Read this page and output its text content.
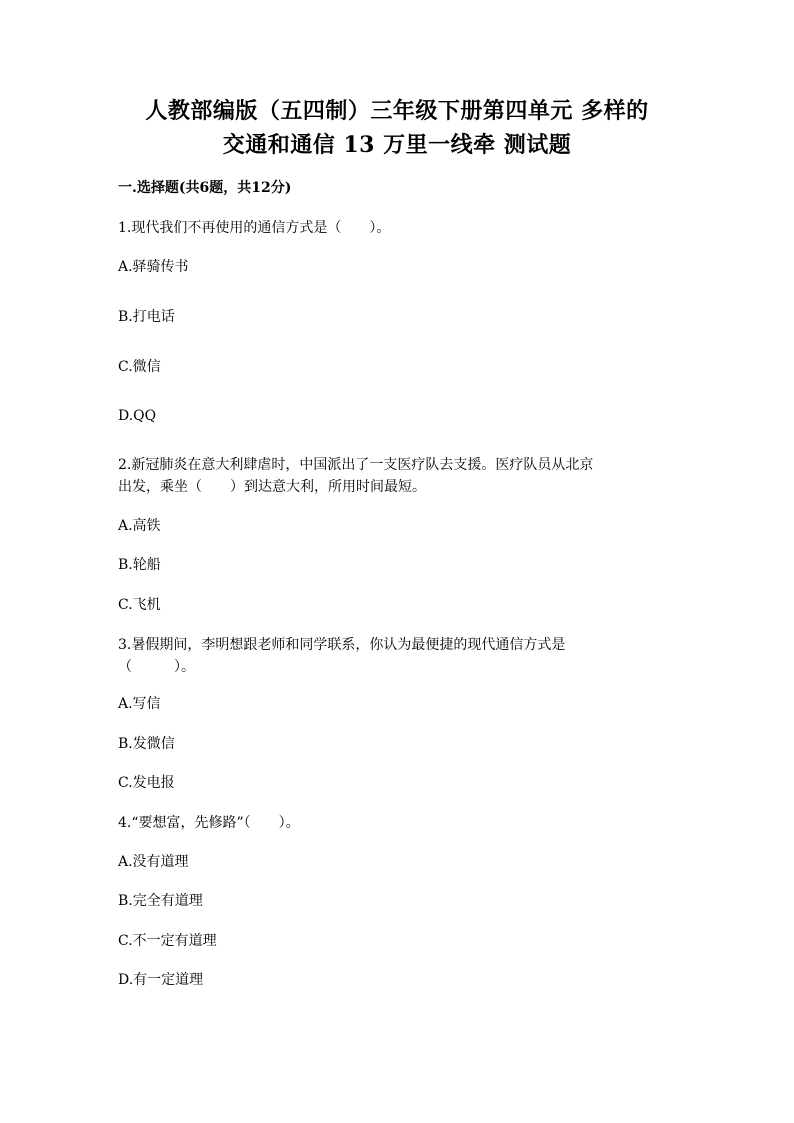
人教部编版（五四制）三年级下册第四单元 多样的
交通和通信 13 万里一线牵 测试题
一.选择题(共6题，共12分)
1.现代我们不再使用的通信方式是（　　）。
A.驿骑传书
B.打电话
C.微信
D.QQ
2.新冠肺炎在意大利肆虐时，中国派出了一支医疗队去支援。医疗队员从北京
出发，乘坐（　　）到达意大利，所用时间最短。
A.高铁
B.轮船
C.飞机
3.暑假期间，李明想跟老师和同学联系，你认为最便捷的现代通信方式是
（　　　）。
A.写信
B.发微信
C.发电报
4.“要想富，先修路”（　　）。
A.没有道理
B.完全有道理
C.不一定有道理
D.有一定道理
